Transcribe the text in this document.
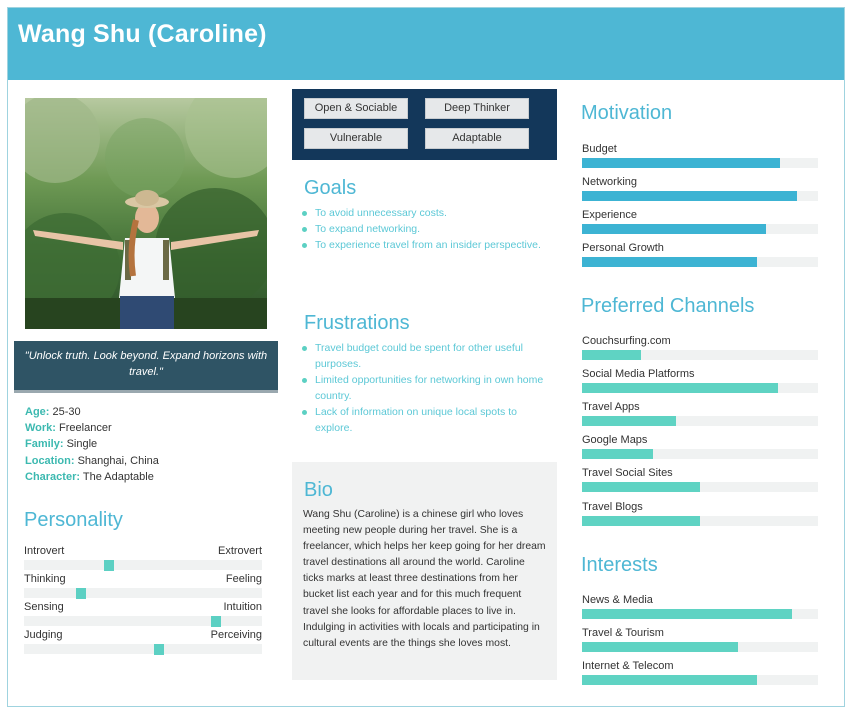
Wang Shu (Caroline)
"Unlock truth. Look beyond. Expand horizons with travel."
Age: 25-30
Work: Freelancer
Family: Single
Location: Shanghai, China
Character: The Adaptable
Personality
Introvert	Extrovert
Thinking	Feeling
Sensing	Intuition
Judging	Perceiving
Open & Sociable	Deep Thinker
Vulnerable	Adaptable
Goals
To avoid unnecessary costs.
To expand networking.
To experience travel from an insider perspective.
Frustrations
Travel budget could be spent for other useful purposes.
Limited opportunities for networking in own home country.
Lack of information on unique local spots to explore.
Bio
Wang Shu (Caroline) is a chinese girl who loves meeting new people during her travel. She is a freelancer, which helps her keep going for her dream travel destinations all around the world. Caroline ticks marks at least three destinations from her bucket list each year and for this much frequent travel she looks for affordable places to live in. Indulging in activities with locals and participating in cultural events are the things she loves most.
Motivation
Budget
Networking
Experience
Personal Growth
Preferred Channels
Couchsurfing.com
Social Media Platforms
Travel Apps
Google Maps
Travel Social Sites
Travel Blogs
Interests
News & Media
Travel & Tourism
Internet & Telecom
